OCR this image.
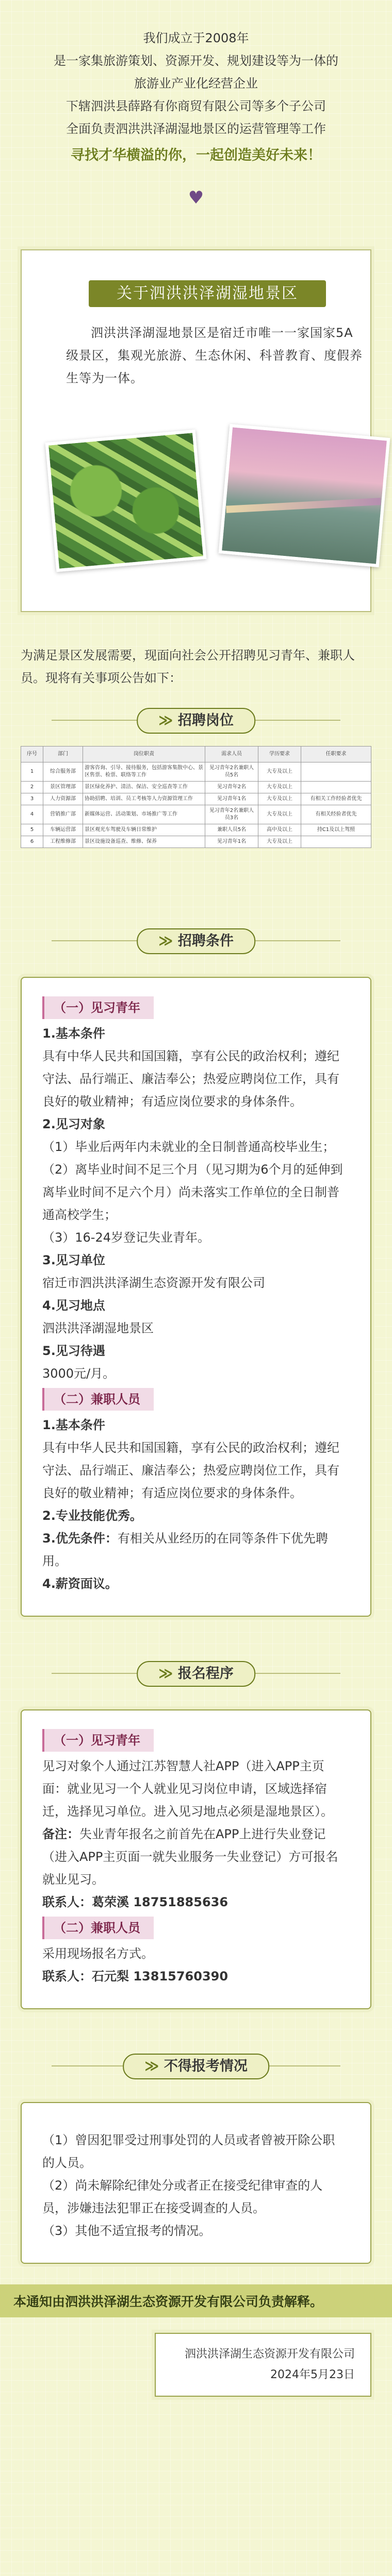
我们成立于2008年
是一家集旅游策划、资源开发、规划建设等为一体的
旅游业产业化经营企业
下辖泗洪县薛路有你商贸有限公司等多个子公司
全面负责泗洪洪泽湖湿地景区的运营管理等工作
寻找才华横溢的你，一起创造美好未来！
♥
关于泗洪洪泽湖湿地景区
泗洪洪泽湖湿地景区是宿迁市唯一一家国家5A级景区，集观光旅游、生态休闲、科普教育、度假养生等为一体。
为满足景区发展需要，现面向社会公开招聘见习青年、兼职人员。现将有关事项公告如下：
≫ 招聘岗位
序号	部门	岗位职责	需求人员	学历要求	任职要求
1	综合服务部	游客咨询、引导、接待服务，包括游客集散中心、景区售票、检票、联络等工作	见习青年2名兼职人员5名	大专及以上	
2	景区管理部	景区绿化养护、清洁、保洁、安全巡查等工作	见习青年2名	大专及以上	
3	人力资源部	协助招聘、培训、员工考核等人力资源管理工作	见习青年1名	大专及以上	有相关工作经验者优先
4	营销推广部	新媒体运营、活动策划、市场推广等工作	见习青年2名兼职人员3名	大专及以上	有相关经验者优先
5	车辆运营部	景区观光车驾驶及车辆日常维护	兼职人员5名	高中及以上	持C1及以上驾照
6	工程维修部	景区设施设备巡查、维修、保养	见习青年1名	大专及以上	
≫ 招聘条件
（一）见习青年

1.基本条件

具有中华人民共和国国籍，享有公民的政治权利；遵纪守法、品行端正、廉洁奉公；热爱应聘岗位工作，具有良好的敬业精神；有适应岗位要求的身体条件。

2.见习对象

（1）毕业后两年内未就业的全日制普通高校毕业生；

（2）离毕业时间不足三个月（见习期为6个月的延伸到离毕业时间不足六个月）尚未落实工作单位的全日制普通高校学生；

（3）16-24岁登记失业青年。

3.见习单位

宿迁市泗洪洪泽湖生态资源开发有限公司

4.见习地点

泗洪洪泽湖湿地景区

5.见习待遇

3000元/月。

（二）兼职人员

1.基本条件

具有中华人民共和国国籍，享有公民的政治权利；遵纪守法、品行端正、廉洁奉公；热爱应聘岗位工作，具有良好的敬业精神；有适应岗位要求的身体条件。

2.专业技能优秀。

3.优先条件：有相关从业经历的在同等条件下优先聘用。

4.薪资面议。

≫ 报名程序
（一）见习青年

见习对象个人通过江苏智慧人社APP（进入APP主页面：就业见习一个人就业见习岗位申请，区域选择宿迁，选择见习单位。进入见习地点必须是湿地景区）。

备注：失业青年报名之前首先在APP上进行失业登记（进入APP主页面一就失业服务一失业登记）方可报名就业见习。

联系人：葛荣溪 18751885636

（二）兼职人员

采用现场报名方式。

联系人：石元梨 13815760390

≫ 不得报考情况

（1）曾因犯罪受过刑事处罚的人员或者曾被开除公职的人员。

（2）尚未解除纪律处分或者正在接受纪律审查的人员，涉嫌违法犯罪正在接受调查的人员。

（3）其他不适宜报考的情况。

本通知由泗洪洪泽湖生态资源开发有限公司负责解释。
泗洪洪泽湖生态资源开发有限公司
2024年5月23日
